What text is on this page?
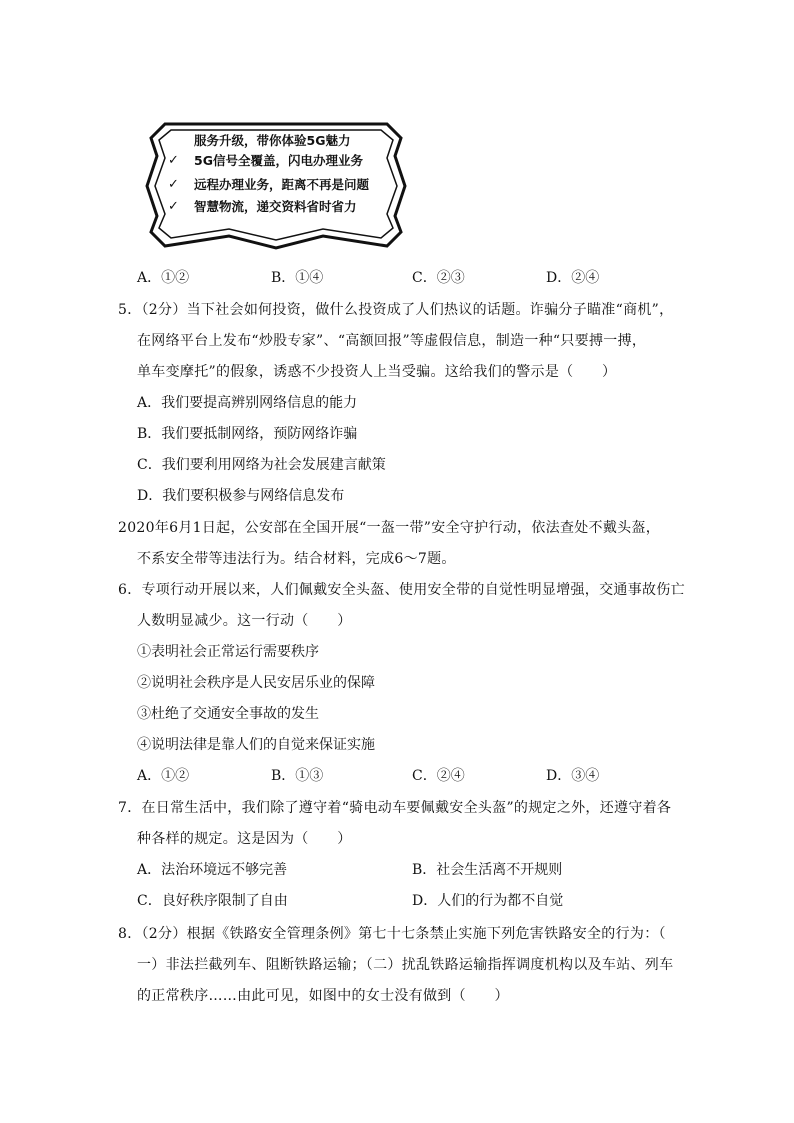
服务升级，带你体验5G魅力
✓ 5G信号全覆盖，闪电办理业务
✓ 远程办理业务，距离不再是问题
✓ 智慧物流，递交资料省时省力
A．①②	B．①④	C．②③	D．②④
5．（2分）当下社会如何投资，做什么投资成了人们热议的话题。诈骗分子瞄准“商机”，
在网络平台上发布“炒股专家”、“高额回报”等虚假信息，制造一种“只要搏一搏，
单车变摩托”的假象，诱惑不少投资人上当受骗。这给我们的警示是（　　）
A．我们要提高辨别网络信息的能力
B．我们要抵制网络，预防网络诈骗
C．我们要利用网络为社会发展建言献策
D．我们要积极参与网络信息发布
2020年6月1日起，公安部在全国开展“一盔一带”安全守护行动，依法查处不戴头盔，
不系安全带等违法行为。结合材料，完成6～7题。
6．专项行动开展以来，人们佩戴安全头盔、使用安全带的自觉性明显增强，交通事故伤亡
人数明显减少。这一行动（　　）
①表明社会正常运行需要秩序
②说明社会秩序是人民安居乐业的保障
③杜绝了交通安全事故的发生
④说明法律是靠人们的自觉来保证实施
A．①②	B．①③	C．②④	D．③④
7．在日常生活中，我们除了遵守着“骑电动车要佩戴安全头盔”的规定之外，还遵守着各
种各样的规定。这是因为（　　）
A．法治环境远不够完善	B．社会生活离不开规则
C．良好秩序限制了自由	D．人们的行为都不自觉
8．（2分）根据《铁路安全管理条例》第七十七条禁止实施下列危害铁路安全的行为：（
一）非法拦截列车、阻断铁路运输；（二）扰乱铁路运输指挥调度机构以及车站、列车
的正常秩序……由此可见，如图中的女士没有做到（　　）
